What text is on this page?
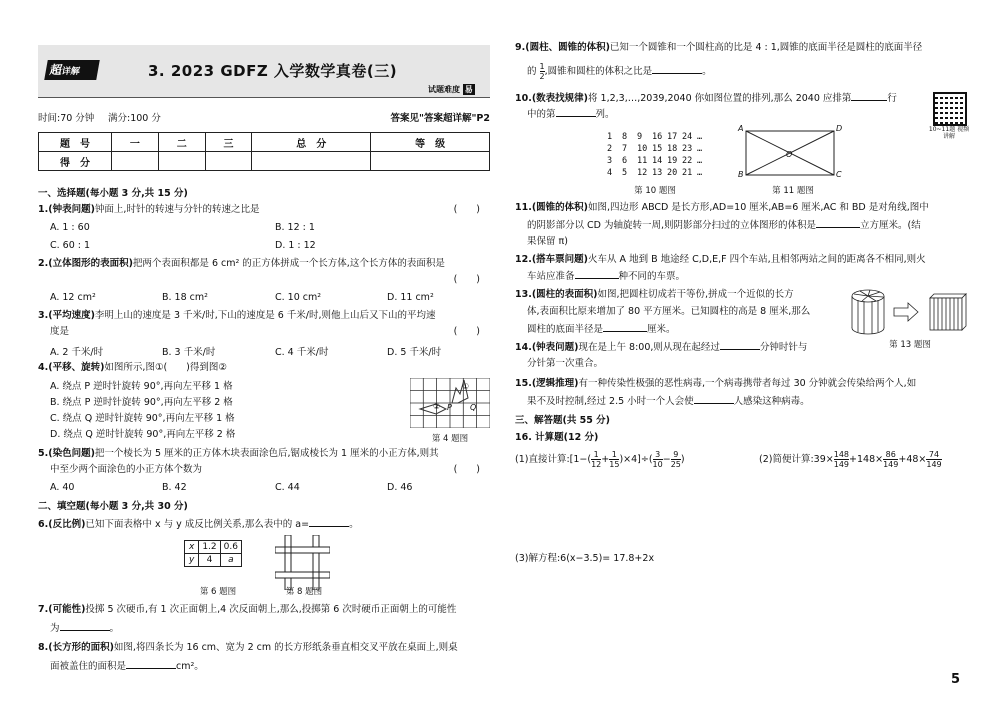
超详解	3. 2023 GDFZ 入学数学真卷(三)
试题难度 易
时间:70 分钟 满分:100 分	答案见"答案超详解"P2
题　号	一	二	三	总　分	等　级
得　分					
一、选择题(每小题 3 分,共 15 分)
1.(钟表问题)钟面上,时针的转速与分针的转速之比是	(　　)
A. 1 : 60	B. 12 : 1
C. 60 : 1	D. 1 : 12
2.(立体图形的表面积)把两个表面积都是 6 cm² 的正方体拼成一个长方体,这个长方体的表面积是
(　　)
A. 12 cm²	B. 18 cm²	C. 10 cm²	D. 11 cm²
3.(平均速度)李明上山的速度是 3 千米/时,下山的速度是 6 千米/时,则他上山后又下山的平均速
度是	(　　)
A. 2 千米/时	B. 3 千米/时	C. 4 千米/时	D. 5 千米/时
4.(平移、旋转)如图所示,图①(　　)得到图②
A. 绕点 P 逆时针旋转 90°,再向左平移 1 格
B. 绕点 P 逆时针旋转 90°,再向左平移 2 格
C. 绕点 Q 逆时针旋转 90°,再向左平移 1 格
D. 绕点 Q 逆时针旋转 90°,再向左平移 2 格
①
② P Q
第 4 题图
5.(染色问题)把一个棱长为 5 厘米的正方体木块表面涂色后,锯成棱长为 1 厘米的小正方体,则其
中至少两个面涂色的小正方体个数为	(　　)
A. 40	B. 42	C. 44	D. 46
二、填空题(每小题 3 分,共 30 分)
6.(反比例)已知下面表格中 x 与 y 成反比例关系,那么表中的 a=	。
x	1.2	0.6
y	4	a
第 6 题图	第 8 题图
7.(可能性)投掷 5 次硬币,有 1 次正面朝上,4 次反面朝上,那么,投掷第 6 次时硬币正面朝上的可能性
为	。
8.(长方形的面积)如图,将四条长为 16 cm、宽为 2 cm 的长方形纸条垂直相交叉平放在桌面上,则桌
面被盖住的面积是	cm²。
9.(圆柱、圆锥的体积)已知一个圆锥和一个圆柱高的比是 4 : 1,圆锥的底面半径是圆柱的底面半径
的 $\frac{1}{2}$ ,圆锥和圆柱的体积之比是	。
10.(数表找规律)将 1,2,3,…,2039,2040 你如图位置的排列,那么 2040 应排第	行
中的第	列。
10~11题 视频讲解
1 8 9 16 17 24 …
2 7 10 15 18 23 …
3 6 11 14 19 22 …
4 5 12 13 20 21 …
第 10 题图
A
B	C
D
O
第 11 题图
11.(圆锥的体积)如图,四边形 ABCD 是长方形,AD=10 厘米,AB=6 厘米,AC 和 BD 是对角线,图中
的阴影部分以 CD 为轴旋转一周,则阴影部分扫过的立体图形的体积是	立方厘米。(结
果保留 π)
12.(搭车票问题)火车从 A 地到 B 地途经 C,D,E,F 四个车站,且相邻两站之间的距离各不相同,则火
车站应准备	种不同的车票。
13.(圆柱的表面积)如图,把圆柱切成若干等份,拼成一个近似的长方
体,表面积比原来增加了 80 平方厘米。已知圆柱的高是 8 厘米,那么
圆柱的底面半径是	厘米。
第 13 题图
14.(钟表问题)现在是上午 8:00,则从现在起经过	分钟时针与
分针第一次重合。
15.(逻辑推理)有一种传染性极强的恶性病毒,一个病毒携带者每过 30 分钟就会传染给两个人,如
果不及时控制,经过 2.5 小时一个人会使	人感染这种病毒。
三、解答题(共 55 分)
16. 计算题(12 分)
(1)直接计算:[1−( $\frac{1}{12} + \frac{1}{15} )\times 4]\div( \frac{3}{10} - \frac{9}{25}$ )	(2)简便计算:39× $\frac{148}{149} +148\times \frac{86}{149} +48\times \frac{74}{149}$
(3)解方程:6(x−3.5)= 17.8+2x
5
